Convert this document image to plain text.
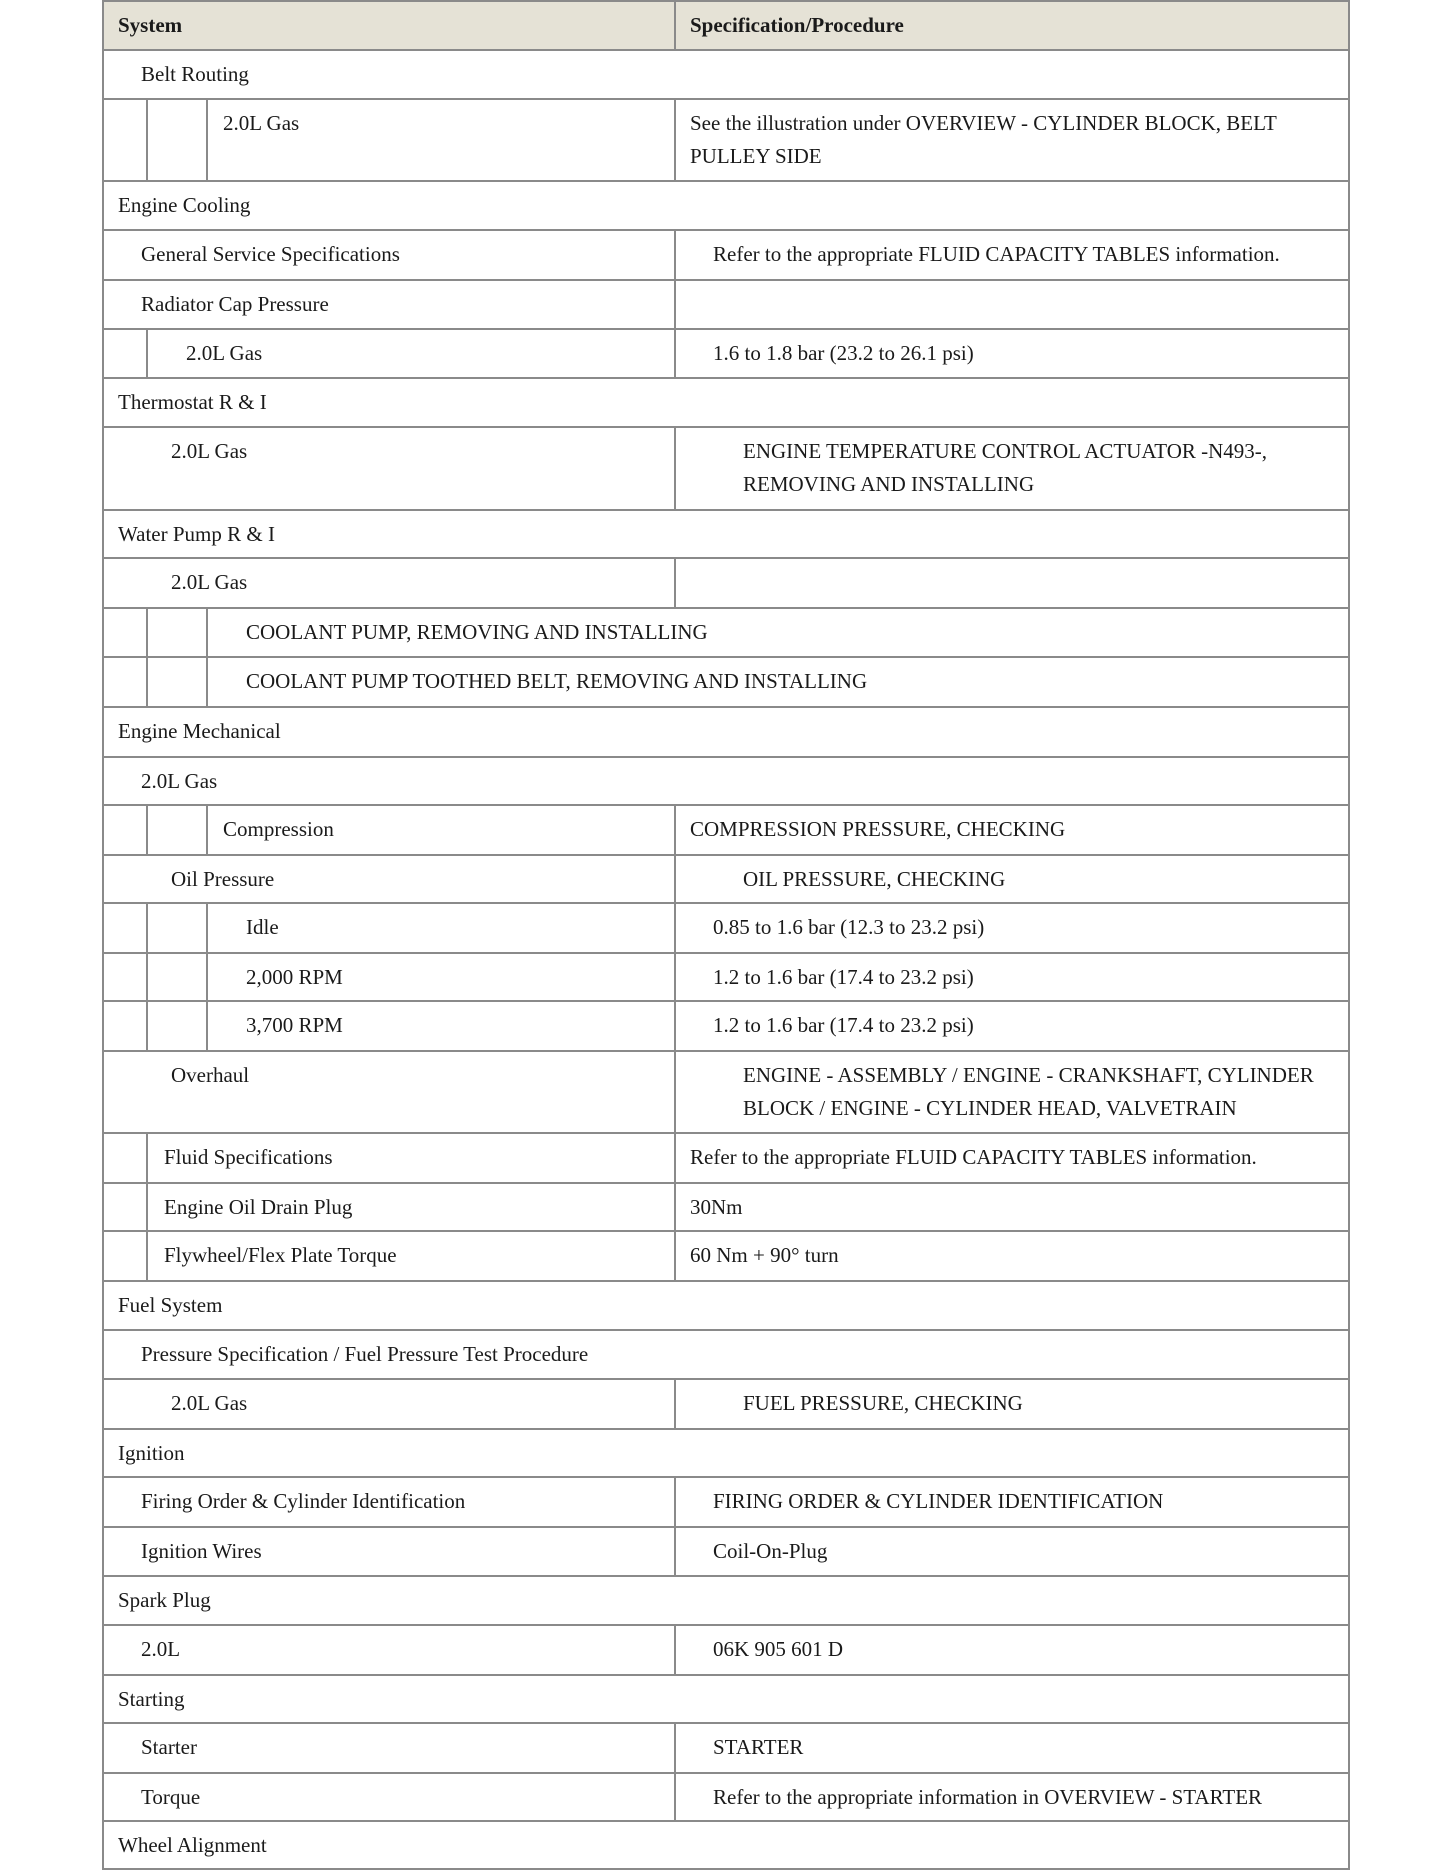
System	Specification/Procedure
Belt Routing
2.0L Gas	See the illustration under OVERVIEW - CYLINDER BLOCK, BELT PULLEY SIDE
Engine Cooling
General Service Specifications	Refer to the appropriate FLUID CAPACITY TABLES information.
Radiator Cap Pressure
2.0L Gas	1.6 to 1.8 bar (23.2 to 26.1 psi)
Thermostat R & I
2.0L Gas	ENGINE TEMPERATURE CONTROL ACTUATOR -N493-, REMOVING AND INSTALLING
Water Pump R & I
2.0L Gas
COOLANT PUMP, REMOVING AND INSTALLING
COOLANT PUMP TOOTHED BELT, REMOVING AND INSTALLING
Engine Mechanical
2.0L Gas
Compression	COMPRESSION PRESSURE, CHECKING
Oil Pressure	OIL PRESSURE, CHECKING
Idle	0.85 to 1.6 bar (12.3 to 23.2 psi)
2,000 RPM	1.2 to 1.6 bar (17.4 to 23.2 psi)
3,700 RPM	1.2 to 1.6 bar (17.4 to 23.2 psi)
Overhaul	ENGINE - ASSEMBLY / ENGINE - CRANKSHAFT, CYLINDER BLOCK / ENGINE - CYLINDER HEAD, VALVETRAIN
Fluid Specifications	Refer to the appropriate FLUID CAPACITY TABLES information.
Engine Oil Drain Plug	30Nm
Flywheel/Flex Plate Torque	60 Nm + 90° turn
Fuel System
Pressure Specification / Fuel Pressure Test Procedure
2.0L Gas	FUEL PRESSURE, CHECKING
Ignition
Firing Order & Cylinder Identification	FIRING ORDER & CYLINDER IDENTIFICATION
Ignition Wires	Coil-On-Plug
Spark Plug
2.0L	06K 905 601 D
Starting
Starter	STARTER
Torque	Refer to the appropriate information in OVERVIEW - STARTER
Wheel Alignment
